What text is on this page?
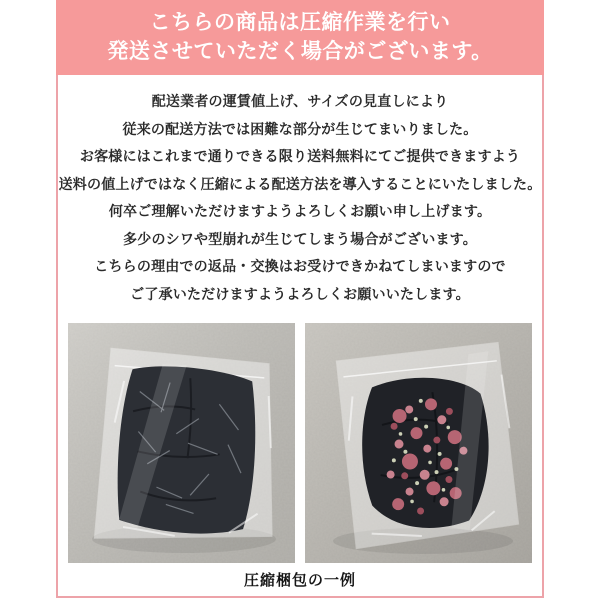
こちらの商品は圧縮作業を行い
発送させていただく場合がございます。

配送業者の運賃値上げ、サイズの見直しにより

従来の配送方法では困難な部分が生じてまいりました。

お客様にはこれまで通りできる限り送料無料にてご提供できますよう

送料の値上げではなく圧縮による配送方法を導入することにいたしました。

何卒ご理解いただけますようよろしくお願い申し上げます。

多少のシワや型崩れが生じてしまう場合がございます。

こちらの理由での返品・交換はお受けできかねてしまいますので

ご了承いただけますようよろしくお願いいたします。

圧縮梱包の一例
